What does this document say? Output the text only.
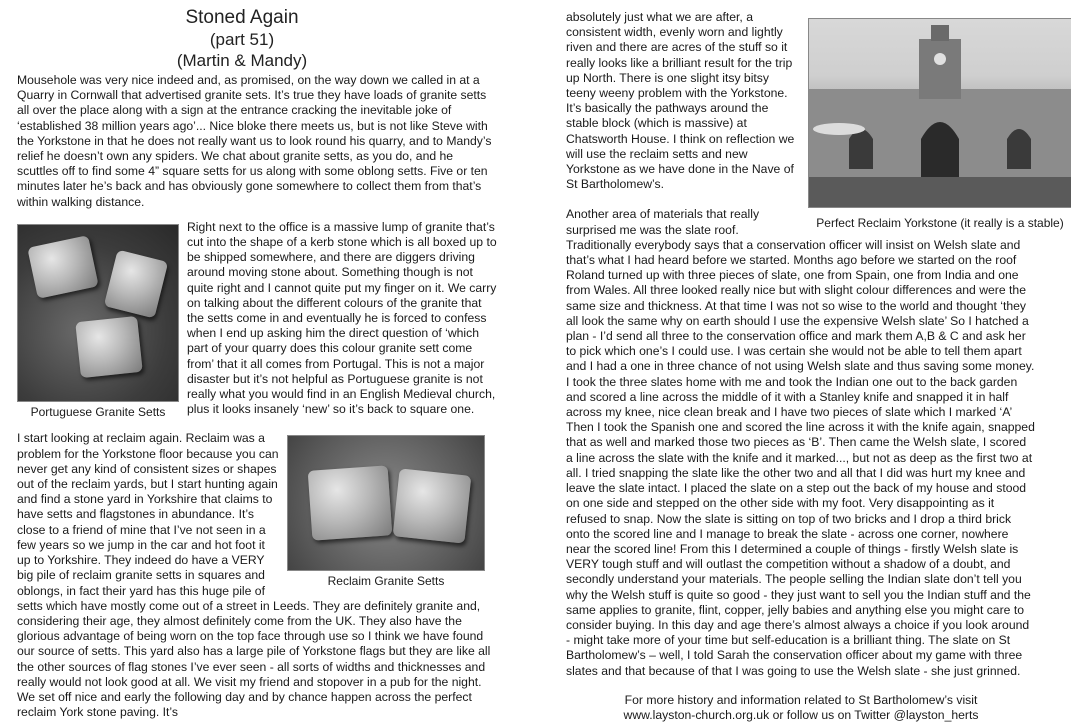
Stoned Again
(part 51)
(Martin & Mandy)

Mousehole was very nice indeed and, as promised, on the way down we called in at a Quarry in Cornwall that advertised granite sets. It’s true they have loads of granite setts all over the place along with a sign at the entrance cracking the inevitable joke of ‘established 38 million years ago’... Nice bloke there meets us, but is not like Steve with the Yorkstone in that he does not really want us to look round his quarry, and to Mandy’s relief he doesn’t own any spiders. We chat about granite setts, as you do, and he scuttles off to find some 4” square setts for us along with some oblong setts. Five or ten minutes later he’s back and has obviously gone somewhere to collect them from that’s within walking distance.

Portuguese Granite Setts

Right next to the office is a massive lump of granite that’s cut into the shape of a kerb stone which is all boxed up to be shipped somewhere, and there are diggers driving around moving stone about. Something though is not quite right and I cannot quite put my finger on it. We carry on talking about the different colours of the granite that the setts come in and eventually he is forced to confess when I end up asking him the direct question of ‘which part of your quarry does this colour granite sett come from’ that it all comes from Portugal. This is not a major disaster but it’s not helpful as Portuguese granite is not really what you would find in an English Medieval church, plus it looks insanely ‘new’ so it’s back to square one.

Reclaim Granite Setts

I start looking at reclaim again. Reclaim was a problem for the Yorkstone floor because you can never get any kind of consistent sizes or shapes out of the reclaim yards, but I start hunting again and find a stone yard in Yorkshire that claims to have setts and flagstones in abundance. It’s close to a friend of mine that I’ve not seen in a few years so we jump in the car and hot foot it up to Yorkshire. They indeed do have a VERY big pile of reclaim granite setts in squares and oblongs, in fact their yard has this huge pile of setts which have mostly come out of a street in Leeds. They are definitely granite and, considering their age, they almost definitely come from the UK. They also have the glorious advantage of being worn on the top face through use so I think we have found our source of setts. This yard also has a large pile of Yorkstone flags but they are like all the other sources of flag stones I’ve ever seen - all sorts of widths and thicknesses and really would not look good at all. We visit my friend and stopover in a pub for the night. We set off nice and early the following day and by chance happen across the perfect reclaim York stone paving. It’s

Perfect Reclaim Yorkstone (it really is a stable)

absolutely just what we are after, a consistent width, evenly worn and lightly riven and there are acres of the stuff so it really looks like a brilliant result for the trip up North. There is one slight itsy bitsy teeny weeny problem with the Yorkstone. It’s basically the pathways around the stable block (which is massive) at Chatsworth House. I think on reflection we will use the reclaim setts and new Yorkstone as we have done in the Nave of St Bartholomew’s.

Another area of materials that really surprised me was the slate roof.

Traditionally everybody says that a conservation officer will insist on Welsh slate and that’s what I had heard before we started. Months ago before we started on the roof Roland turned up with three pieces of slate, one from Spain, one from India and one from Wales. All three looked really nice but with slight colour differences and were the same size and thickness. At that time I was not so wise to the world and thought ‘they all look the same why on earth should I use the expensive Welsh slate’ So I hatched a plan - I’d send all three to the conservation office and mark them A,B & C and ask her to pick which one’s I could use. I was certain she would not be able to tell them apart and I had a one in three chance of not using Welsh slate and thus saving some money. I took the three slates home with me and took the Indian one out to the back garden and scored a line across the middle of it with a Stanley knife and snapped it in half across my knee, nice clean break and I have two pieces of slate which I marked ‘A’ Then I took the Spanish one and scored the line across it with the knife again, snapped that as well and marked those two pieces as ‘B’. Then came the Welsh slate, I scored a line across the slate with the knife and it marked..., but not as deep as the first two at all. I tried snapping the slate like the other two and all that I did was hurt my knee and leave the slate intact. I placed the slate on a step out the back of my house and stood on one side and stepped on the other side with my foot. Very disappointing as it refused to snap. Now the slate is sitting on top of two bricks and I drop a third brick onto the scored line and I manage to break the slate - across one corner, nowhere near the scored line! From this I determined a couple of things - firstly Welsh slate is VERY tough stuff and will outlast the competition without a shadow of a doubt, and secondly understand your materials. The people selling the Indian slate don’t tell you why the Welsh stuff is quite so good - they just want to sell you the Indian stuff and the same applies to granite, flint, copper, jelly babies and anything else you might care to consider buying. In this day and age there’s almost always a choice if you look around - might take more of your time but self-education is a brilliant thing. The slate on St Bartholomew’s – well, I told Sarah the conservation officer about my game with three slates and that because of that I was going to use the Welsh slate - she just grinned.

For more history and information related to St Bartholomew’s visit
www.layston-church.org.uk or follow us on Twitter @layston_herts
